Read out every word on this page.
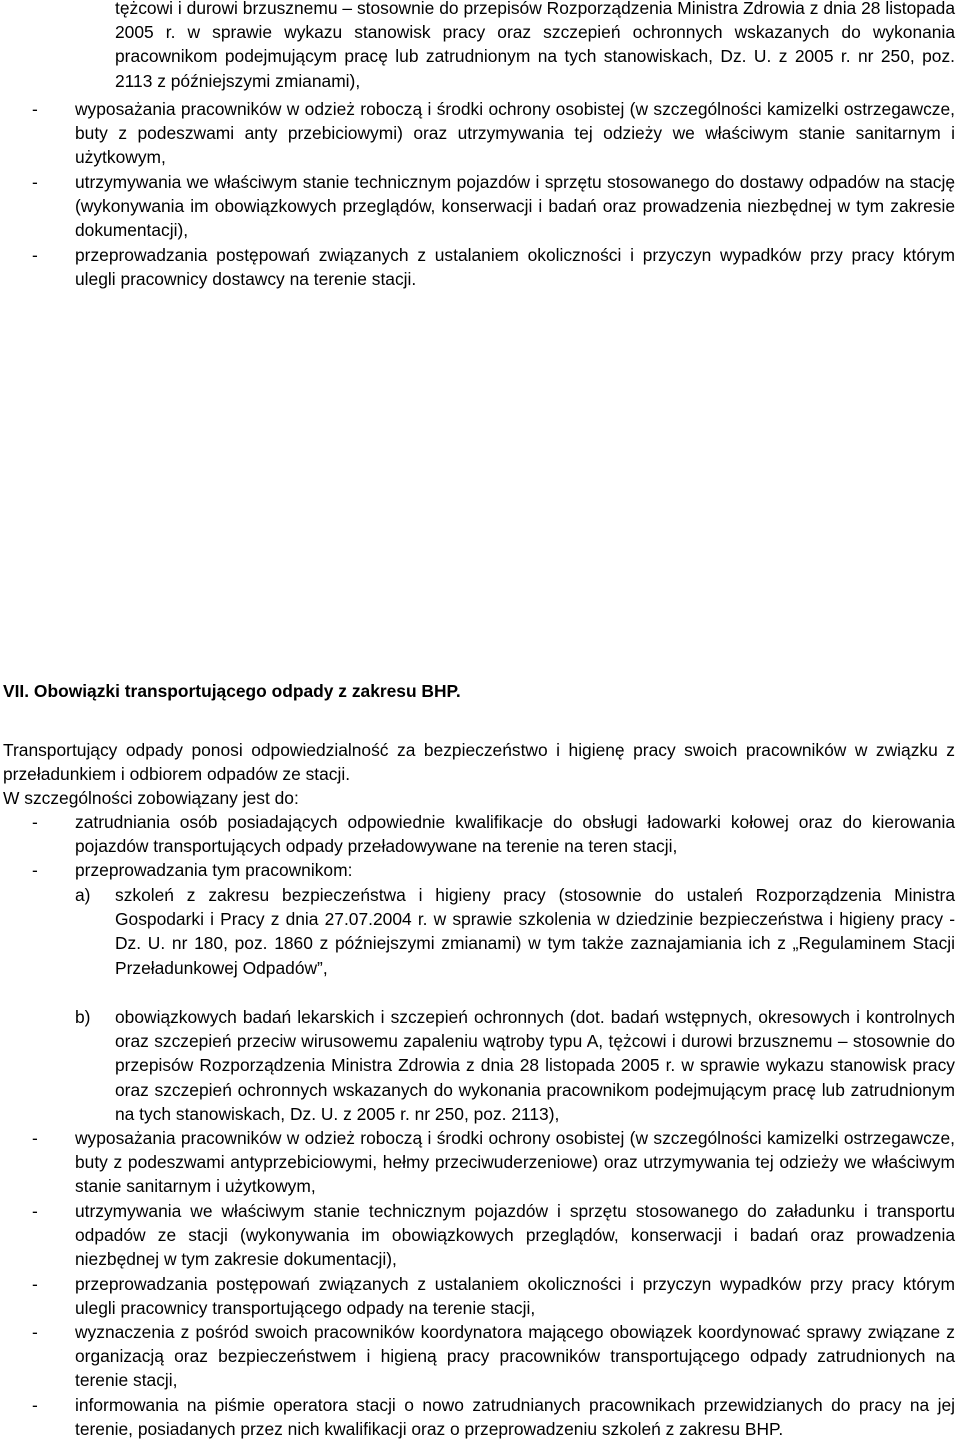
tężcowi i durowi brzusznemu – stosownie do przepisów Rozporządzenia Ministra Zdrowia z dnia 28 listopada 2005 r. w sprawie wykazu stanowisk pracy oraz szczepień ochronnych wskazanych do wykonania pracownikom podejmującym pracę lub zatrudnionym na tych stanowiskach, Dz. U. z 2005 r. nr 250, poz. 2113 z późniejszymi zmianami),

- wyposażania pracowników w odzież roboczą i środki ochrony osobistej (w szczególności kamizelki ostrzegawcze, buty z podeszwami anty przebiciowymi) oraz utrzymywania tej odzieży we właściwym stanie sanitarnym i użytkowym,

- utrzymywania we właściwym stanie technicznym pojazdów i sprzętu stosowanego do dostawy odpadów na stację (wykonywania im obowiązkowych przeglądów, konserwacji i badań oraz prowadzenia niezbędnej w tym zakresie dokumentacji),

- przeprowadzania postępowań związanych z ustalaniem okoliczności i przyczyn wypadków przy pracy którym ulegli pracownicy dostawcy na terenie stacji.

VII. Obowiązki transportującego odpady z zakresu BHP.

Transportujący odpady ponosi odpowiedzialność za bezpieczeństwo i higienę pracy swoich pracowników w związku z przeładunkiem i odbiorem odpadów ze stacji.

W szczególności zobowiązany jest do:
- zatrudniania osób posiadających odpowiednie kwalifikacje do obsługi ładowarki kołowej oraz do kierowania pojazdów transportujących odpady przeładowywane na terenie na teren stacji,

- przeprowadzania tym pracownikom:

a) szkoleń z zakresu bezpieczeństwa i higieny pracy (stosownie do ustaleń Rozporządzenia Ministra Gospodarki i Pracy z dnia 27.07.2004 r. w sprawie szkolenia w dziedzinie bezpieczeństwa i higieny pracy - Dz. U. nr 180, poz. 1860 z późniejszymi zmianami) w tym także zaznajamiania ich z „Regulaminem Stacji Przeładunkowej Odpadów”,

b) obowiązkowych badań lekarskich i szczepień ochronnych (dot. badań wstępnych, okresowych i kontrolnych oraz szczepień przeciw wirusowemu zapaleniu wątroby typu A, tężcowi i durowi brzusznemu – stosownie do przepisów Rozporządzenia Ministra Zdrowia z dnia 28 listopada 2005 r. w sprawie wykazu stanowisk pracy oraz szczepień ochronnych wskazanych do wykonania pracownikom podejmującym pracę lub zatrudnionym na tych stanowiskach, Dz. U. z 2005 r. nr 250, poz. 2113),

- wyposażania pracowników w odzież roboczą i środki ochrony osobistej (w szczególności kamizelki ostrzegawcze, buty z podeszwami antyprzebiciowymi, hełmy przeciwuderzeniowe) oraz utrzymywania tej odzieży we właściwym stanie sanitarnym i użytkowym,

- utrzymywania we właściwym stanie technicznym pojazdów i sprzętu stosowanego do załadunku i transportu odpadów ze stacji (wykonywania im obowiązkowych przeglądów, konserwacji i badań oraz prowadzenia niezbędnej w tym zakresie dokumentacji),

- przeprowadzania postępowań związanych z ustalaniem okoliczności i przyczyn wypadków przy pracy którym ulegli pracownicy transportującego odpady na terenie stacji,

- wyznaczenia z pośród swoich pracowników koordynatora mającego obowiązek koordynować sprawy związane z organizacją oraz bezpieczeństwem i higieną pracy pracowników transportującego odpady zatrudnionych na terenie stacji,

- informowania na piśmie operatora stacji o nowo zatrudnianych pracownikach przewidzianych do pracy na jej terenie, posiadanych przez nich kwalifikacji oraz o przeprowadzeniu szkoleń z zakresu BHP.
